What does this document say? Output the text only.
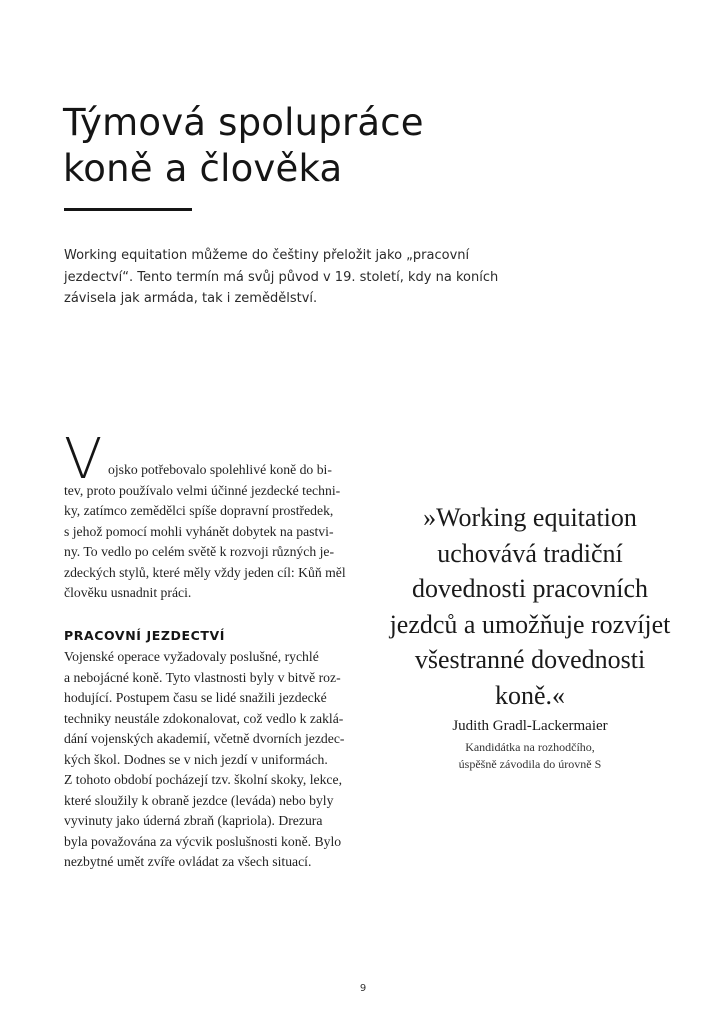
Týmová spolupráce
koně a člověka
Working equitation můžeme do češtiny přeložit jako „pracovní
jezdectví“. Tento termín má svůj původ v 19. století, kdy na koních
závisela jak armáda, tak i zemědělství.
V ojsko potřebovalo spolehlivé koně do bi-
tev, proto používalo velmi účinné jezdecké techni-
ky, zatímco zemědělci spíše dopravní prostředek,
s jehož pomocí mohli vyhánět dobytek na pastvi-
ny. To vedlo po celém světě k rozvoji různých je-
zdeckých stylů, které měly vždy jeden cíl: Kůň měl
člověku usnadnit práci.
PRACOVNÍ JEZDECTVÍ
Vojenské operace vyžadovaly poslušné, rychlé
a nebojácné koně. Tyto vlastnosti byly v bitvě roz-
hodující. Postupem času se lidé snažili jezdecké
techniky neustále zdokonalovat, což vedlo k zaklá-
dání vojenských akademií, včetně dvorních jezdec-
kých škol. Dodnes se v nich jezdí v uniformách.
Z tohoto období pocházejí tzv. školní skoky, lekce,
které sloužily k obraně jezdce (leváda) nebo byly
vyvinuty jako úderná zbraň (kapriola). Drezura
byla považována za výcvik poslušnosti koně. Bylo
nezbytné umět zvíře ovládat za všech situací.
»Working equitation
uchovává tradiční
dovednosti pracovních
jezdců a umožňuje rozvíjet
všestranné dovednosti
koně.«
Judith Gradl-Lackermaier
Kandidátka na rozhodčího,
úspěšně závodila do úrovně S
9
